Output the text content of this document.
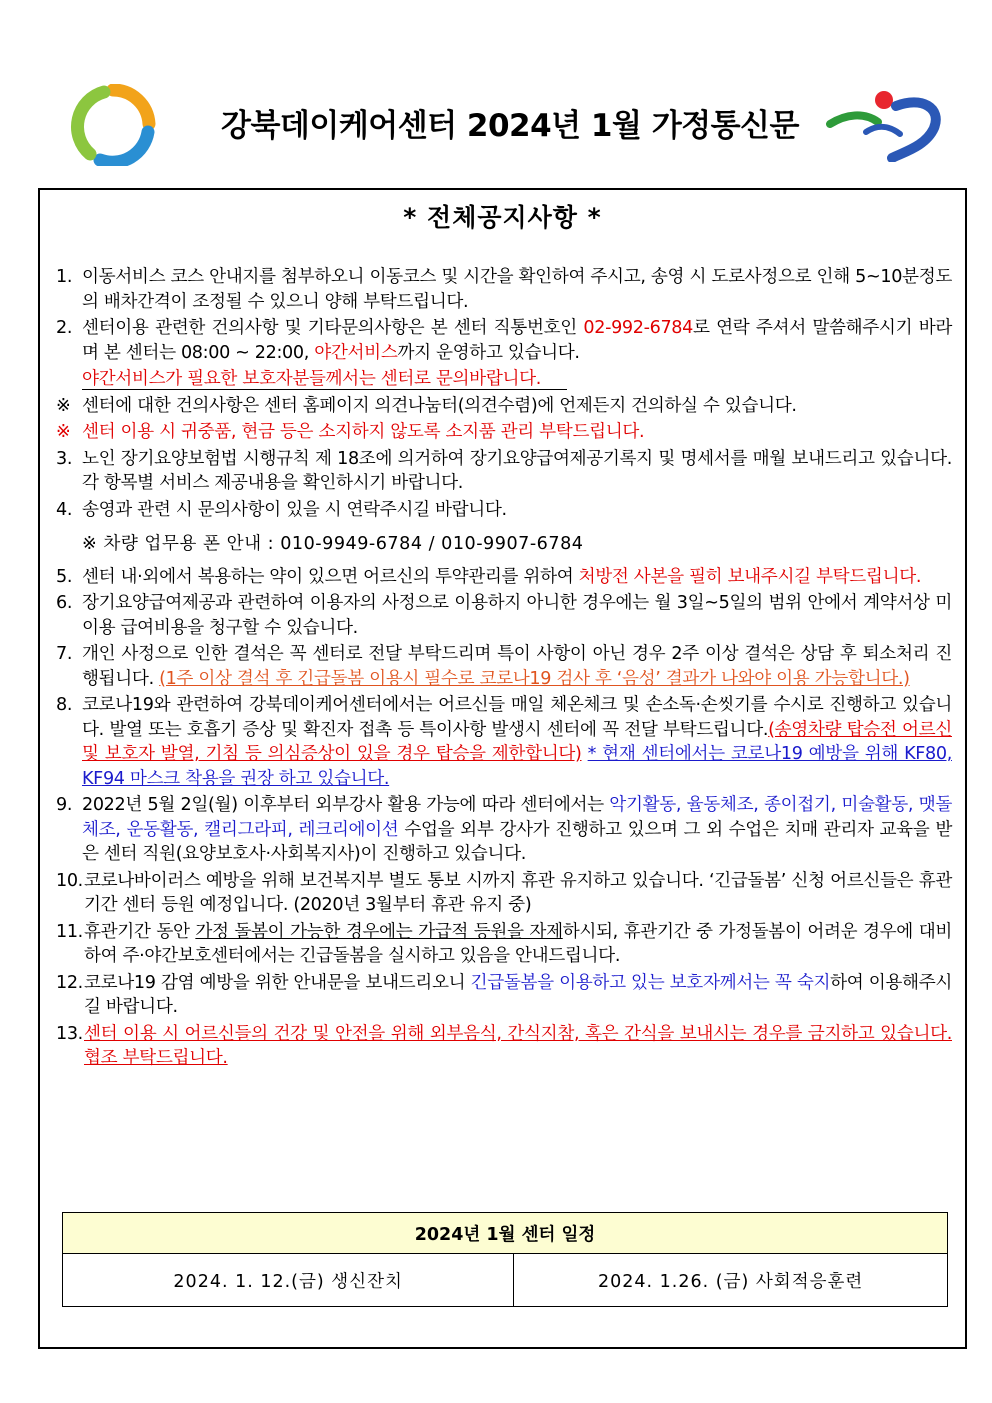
강북데이케어센터 2024년 1월 가정통신문
* 전체공지사항 *
1. 이동서비스 코스 안내지를 첨부하오니 이동코스 및 시간을 확인하여 주시고, 송영 시 도로사정으로 인해 5~10분정도의 배차간격이 조정될 수 있으니 양해 부탁드립니다.
2. 센터이용 관련한 건의사항 및 기타문의사항은 본 센터 직통번호인 02-992-6784로 연락 주셔서 말씀해주시기 바라며 본 센터는 08:00 ~ 22:00, 야간서비스까지 운영하고 있습니다.
야간서비스가 필요한 보호자분들께서는 센터로 문의바랍니다.
※ 센터에 대한 건의사항은 센터 홈페이지 의견나눔터(의견수렴)에 언제든지 건의하실 수 있습니다.
※ 센터 이용 시 귀중품, 현금 등은 소지하지 않도록 소지품 관리 부탁드립니다.
3. 노인 장기요양보험법 시행규칙 제 18조에 의거하여 장기요양급여제공기록지 및 명세서를 매월 보내드리고 있습니다. 각 항목별 서비스 제공내용을 확인하시기 바랍니다.
4. 송영과 관련 시 문의사항이 있을 시 연락주시길 바랍니다.
※ 차량 업무용 폰 안내 : 010-9949-6784 / 010-9907-6784
5. 센터 내·외에서 복용하는 약이 있으면 어르신의 투약관리를 위하여 처방전 사본을 필히 보내주시길 부탁드립니다.
6. 장기요양급여제공과 관련하여 이용자의 사정으로 이용하지 아니한 경우에는 월 3일~5일의 범위 안에서 계약서상 미이용 급여비용을 청구할 수 있습니다.
7. 개인 사정으로 인한 결석은 꼭 센터로 전달 부탁드리며 특이 사항이 아닌 경우 2주 이상 결석은 상담 후 퇴소처리 진행됩니다. (1주 이상 결석 후 긴급돌봄 이용시 필수로 코로나19 검사 후 ‘음성’ 결과가 나와야 이용 가능합니다.)
8. 코로나19와 관련하여 강북데이케어센터에서는 어르신들 매일 체온체크 및 손소독·손씻기를 수시로 진행하고 있습니다. 발열 또는 호흡기 증상 및 확진자 접촉 등 특이사항 발생시 센터에 꼭 전달 부탁드립니다.(송영차량 탑승전 어르신 및 보호자 발열, 기침 등 의심증상이 있을 경우 탑승을 제한합니다) * 현재 센터에서는 코로나19 예방을 위해 KF80, KF94 마스크 착용을 권장 하고 있습니다.
9. 2022년 5월 2일(월) 이후부터 외부강사 활용 가능에 따라 센터에서는 악기활동, 율동체조, 종이접기, 미술활동, 맷돌체조, 운동활동, 캘리그라피, 레크리에이션 수업을 외부 강사가 진행하고 있으며 그 외 수업은 치매 관리자 교육을 받은 센터 직원(요양보호사·사회복지사)이 진행하고 있습니다.
10. 코로나바이러스 예방을 위해 보건복지부 별도 통보 시까지 휴관 유지하고 있습니다. ‘긴급돌봄’ 신청 어르신들은 휴관 기간 센터 등원 예정입니다. (2020년 3월부터 휴관 유지 중)
11. 휴관기간 동안 가정 돌봄이 가능한 경우에는 가급적 등원을 자제하시되, 휴관기간 중 가정돌봄이 어려운 경우에 대비하여 주·야간보호센터에서는 긴급돌봄을 실시하고 있음을 안내드립니다.
12. 코로나19 감염 예방을 위한 안내문을 보내드리오니 긴급돌봄을 이용하고 있는 보호자께서는 꼭 숙지하여 이용해주시길 바랍니다.
13. 센터 이용 시 어르신들의 건강 및 안전을 위해 외부음식, 간식지참, 혹은 간식을 보내시는 경우를 금지하고 있습니다. 협조 부탁드립니다.
2024년 1월 센터 일정
2024. 1. 12.(금) 생신잔치	2024. 1.26. (금) 사회적응훈련
